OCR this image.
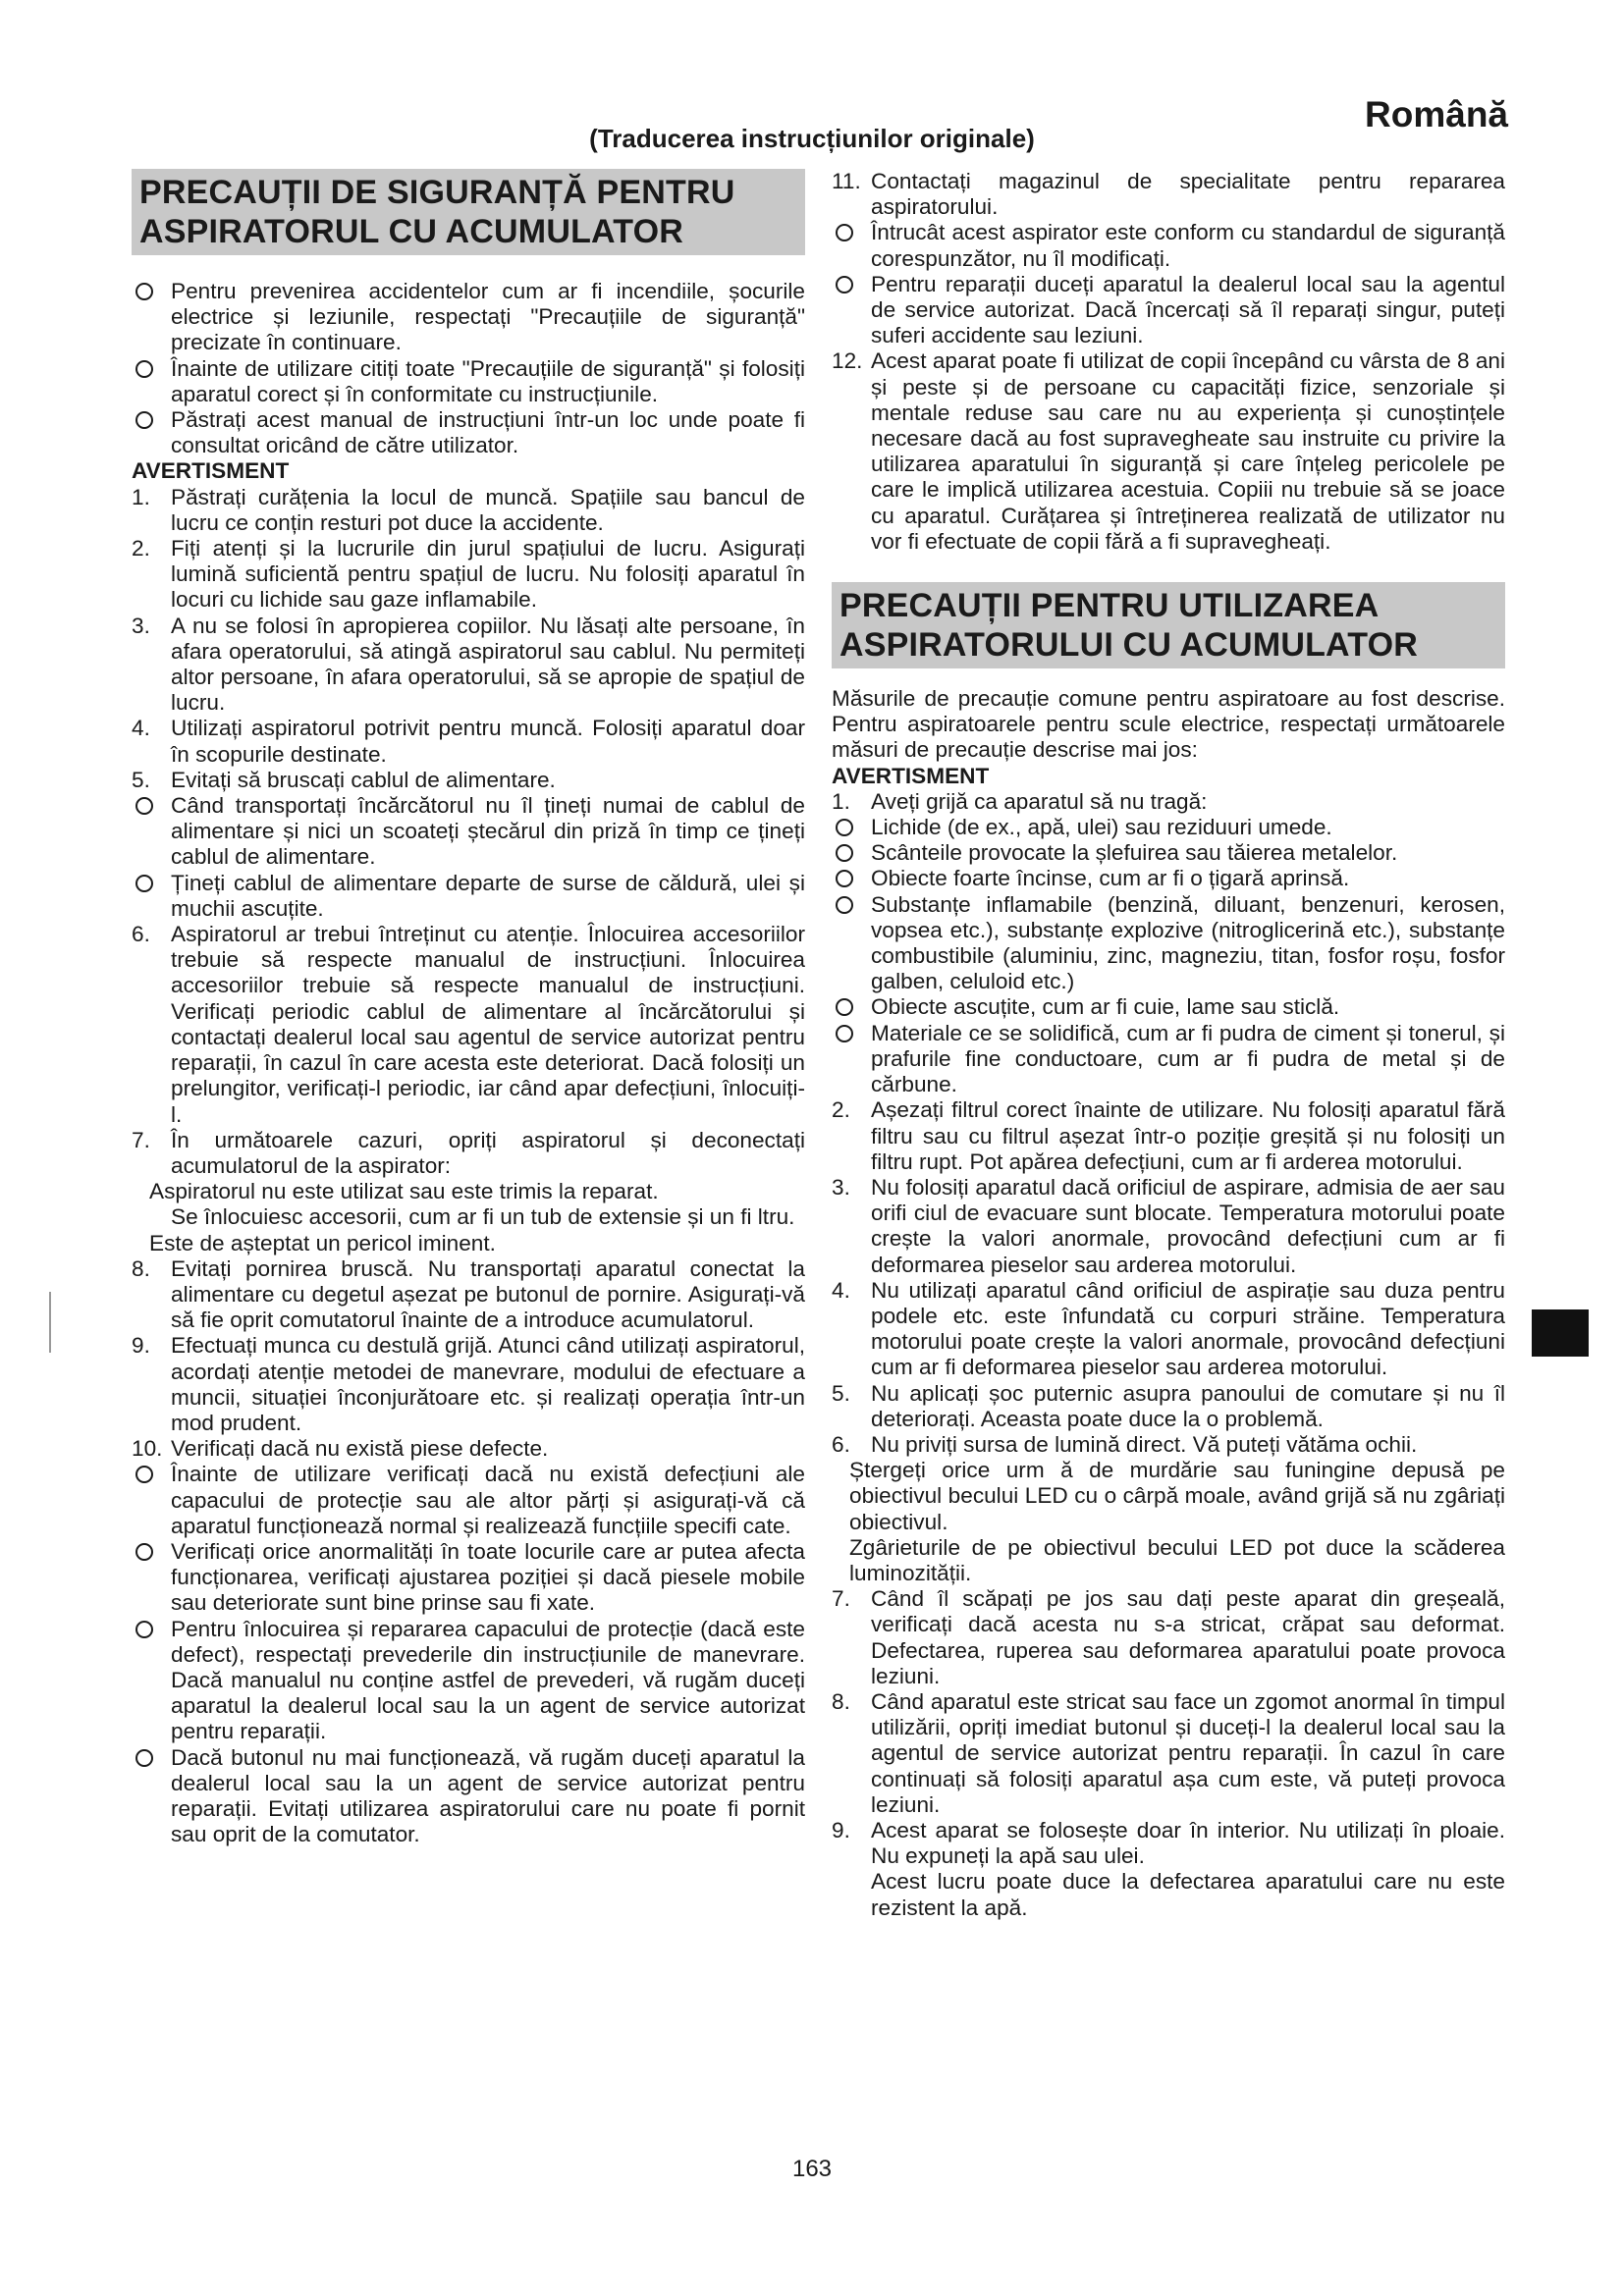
Română
(Traducerea instrucțiunilor originale)
PRECAUȚII DE SIGURANȚĂ PENTRU
ASPIRATORUL CU ACUMULATOR

Pentru prevenirea accidentelor cum ar fi incendiile, șocurile electrice și leziunile, respectați "Precauțiile de siguranță" precizate în continuare.

Înainte de utilizare citiți toate "Precauțiile de siguranță" și folosiți aparatul corect și în conformitate cu instrucțiunile.

Păstrați acest manual de instrucțiuni într-un loc unde poate fi consultat oricând de către utilizator.

AVERTISMENT

1. Păstrați curățenia la locul de muncă. Spațiile sau bancul de lucru ce conțin resturi pot duce la accidente.

2. Fiți atenți și la lucrurile din jurul spațiului de lucru. Asigurați lumină suficientă pentru spațiul de lucru. Nu folosiți aparatul în locuri cu lichide sau gaze inflamabile.

3. A nu se folosi în apropierea copiilor. Nu lăsați alte persoane, în afara operatorului, să atingă aspiratorul sau cablul. Nu permiteți altor persoane, în afara operatorului, să se apropie de spațiul de lucru.

4. Utilizați aspiratorul potrivit pentru muncă. Folosiți aparatul doar în scopurile destinate.

5. Evitați să bruscați cablul de alimentare.

Când transportați încărcătorul nu îl țineți numai de cablul de alimentare și nici un scoateți ștecărul din priză în timp ce țineți cablul de alimentare.

Țineți cablul de alimentare departe de surse de căldură, ulei și muchii ascuțite.

6. Aspiratorul ar trebui întreținut cu atenție. Înlocuirea accesoriilor trebuie să respecte manualul de instrucțiuni. Înlocuirea accesoriilor trebuie să respecte manualul de instrucțiuni. Verificați periodic cablul de alimentare al încărcătorului și contactați dealerul local sau agentul de service autorizat pentru reparații, în cazul în care acesta este deteriorat. Dacă folosiți un prelungitor, verificați-l periodic, iar când apar defecțiuni, înlocuiți-l.

7. În următoarele cazuri, opriți aspiratorul și deconectați acumulatorul de la aspirator:

Aspiratorul nu este utilizat sau este trimis la reparat.

Se înlocuiesc accesorii, cum ar fi un tub de extensie și un fi ltru.

Este de așteptat un pericol iminent.

8. Evitați pornirea bruscă. Nu transportați aparatul conectat la alimentare cu degetul așezat pe butonul de pornire. Asigurați-vă să fie oprit comutatorul înainte de a introduce acumulatorul.

9. Efectuați munca cu destulă grijă. Atunci când utilizați aspiratorul, acordați atenție metodei de manevrare, modului de efectuare a muncii, situației înconjurătoare etc. și realizați operația într-un mod prudent.

10. Verificați dacă nu există piese defecte.

Înainte de utilizare verificați dacă nu există defecțiuni ale capacului de protecție sau ale altor părți și asigurați-vă că aparatul funcționează normal și realizează funcțiile specifi cate.

Verificați orice anormalități în toate locurile care ar putea afecta funcționarea, verificați ajustarea poziției și dacă piesele mobile sau deteriorate sunt bine prinse sau fi xate.

Pentru înlocuirea și repararea capacului de protecție (dacă este defect), respectați prevederile din instrucțiunile de manevrare. Dacă manualul nu conține astfel de prevederi, vă rugăm duceți aparatul la dealerul local sau la un agent de service autorizat pentru reparații.

Dacă butonul nu mai funcționează, vă rugăm duceți aparatul la dealerul local sau la un agent de service autorizat pentru reparații. Evitați utilizarea aspiratorului care nu poate fi pornit sau oprit de la comutator.

11. Contactați magazinul de specialitate pentru repararea aspiratorului.

Întrucât acest aspirator este conform cu standardul de siguranță corespunzător, nu îl modificați.

Pentru reparații duceți aparatul la dealerul local sau la agentul de service autorizat. Dacă încercați să îl reparați singur, puteți suferi accidente sau leziuni.

12. Acest aparat poate fi utilizat de copii începând cu vârsta de 8 ani și peste și de persoane cu capacități fizice, senzoriale și mentale reduse sau care nu au experiența și cunoștințele necesare dacă au fost supravegheate sau instruite cu privire la utilizarea aparatului în siguranță și care înțeleg pericolele pe care le implică utilizarea acestuia. Copiii nu trebuie să se joace cu aparatul. Curățarea și întreținerea realizată de utilizator nu vor fi efectuate de copii fără a fi supravegheați.

PRECAUȚII PENTRU UTILIZAREA
ASPIRATORULUI CU ACUMULATOR

Măsurile de precauție comune pentru aspiratoare au fost descrise. Pentru aspiratoarele pentru scule electrice, respectați următoarele măsuri de precauție descrise mai jos:

AVERTISMENT

1. Aveți grijă ca aparatul să nu tragă:

Lichide (de ex., apă, ulei) sau reziduuri umede.

Scânteile provocate la șlefuirea sau tăierea metalelor.

Obiecte foarte încinse, cum ar fi o țigară aprinsă.

Substanțe inflamabile (benzină, diluant, benzenuri, kerosen, vopsea etc.), substanțe explozive (nitroglicerină etc.), substanțe combustibile (aluminiu, zinc, magneziu, titan, fosfor roșu, fosfor galben, celuloid etc.)

Obiecte ascuțite, cum ar fi cuie, lame sau sticlă.

Materiale ce se solidifică, cum ar fi pudra de ciment și tonerul, și prafurile fine conductoare, cum ar fi pudra de metal și de cărbune.

2. Așezați filtrul corect înainte de utilizare. Nu folosiți aparatul fără filtru sau cu filtrul așezat într-o poziție greșită și nu folosiți un filtru rupt. Pot apărea defecțiuni, cum ar fi arderea motorului.

3. Nu folosiți aparatul dacă orificiul de aspirare, admisia de aer sau orifi ciul de evacuare sunt blocate. Temperatura motorului poate crește la valori anormale, provocând defecțiuni cum ar fi deformarea pieselor sau arderea motorului.

4. Nu utilizați aparatul când orificiul de aspirație sau duza pentru podele etc. este înfundată cu corpuri străine. Temperatura motorului poate crește la valori anormale, provocând defecțiuni cum ar fi deformarea pieselor sau arderea motorului.

5. Nu aplicați șoc puternic asupra panoului de comutare și nu îl deteriorați. Aceasta poate duce la o problemă.

6. Nu priviți sursa de lumină direct. Vă puteți vătăma ochii.

Ștergeți orice urm ă de murdărie sau funingine depusă pe obiectivul becului LED cu o cârpă moale, având grijă să nu zgâriați obiectivul.

Zgârieturile de pe obiectivul becului LED pot duce la scăderea luminozității.

7. Când îl scăpați pe jos sau dați peste aparat din greșeală, verificați dacă acesta nu s-a stricat, crăpat sau deformat. Defectarea, ruperea sau deformarea aparatului poate provoca leziuni.

8. Când aparatul este stricat sau face un zgomot anormal în timpul utilizării, opriți imediat butonul și duceți-l la dealerul local sau la agentul de service autorizat pentru reparații. În cazul în care continuați să folosiți aparatul așa cum este, vă puteți provoca leziuni.

9. Acest aparat se folosește doar în interior. Nu utilizați în ploaie. Nu expuneți la apă sau ulei.

Acest lucru poate duce la defectarea aparatului care nu este rezistent la apă.

163
